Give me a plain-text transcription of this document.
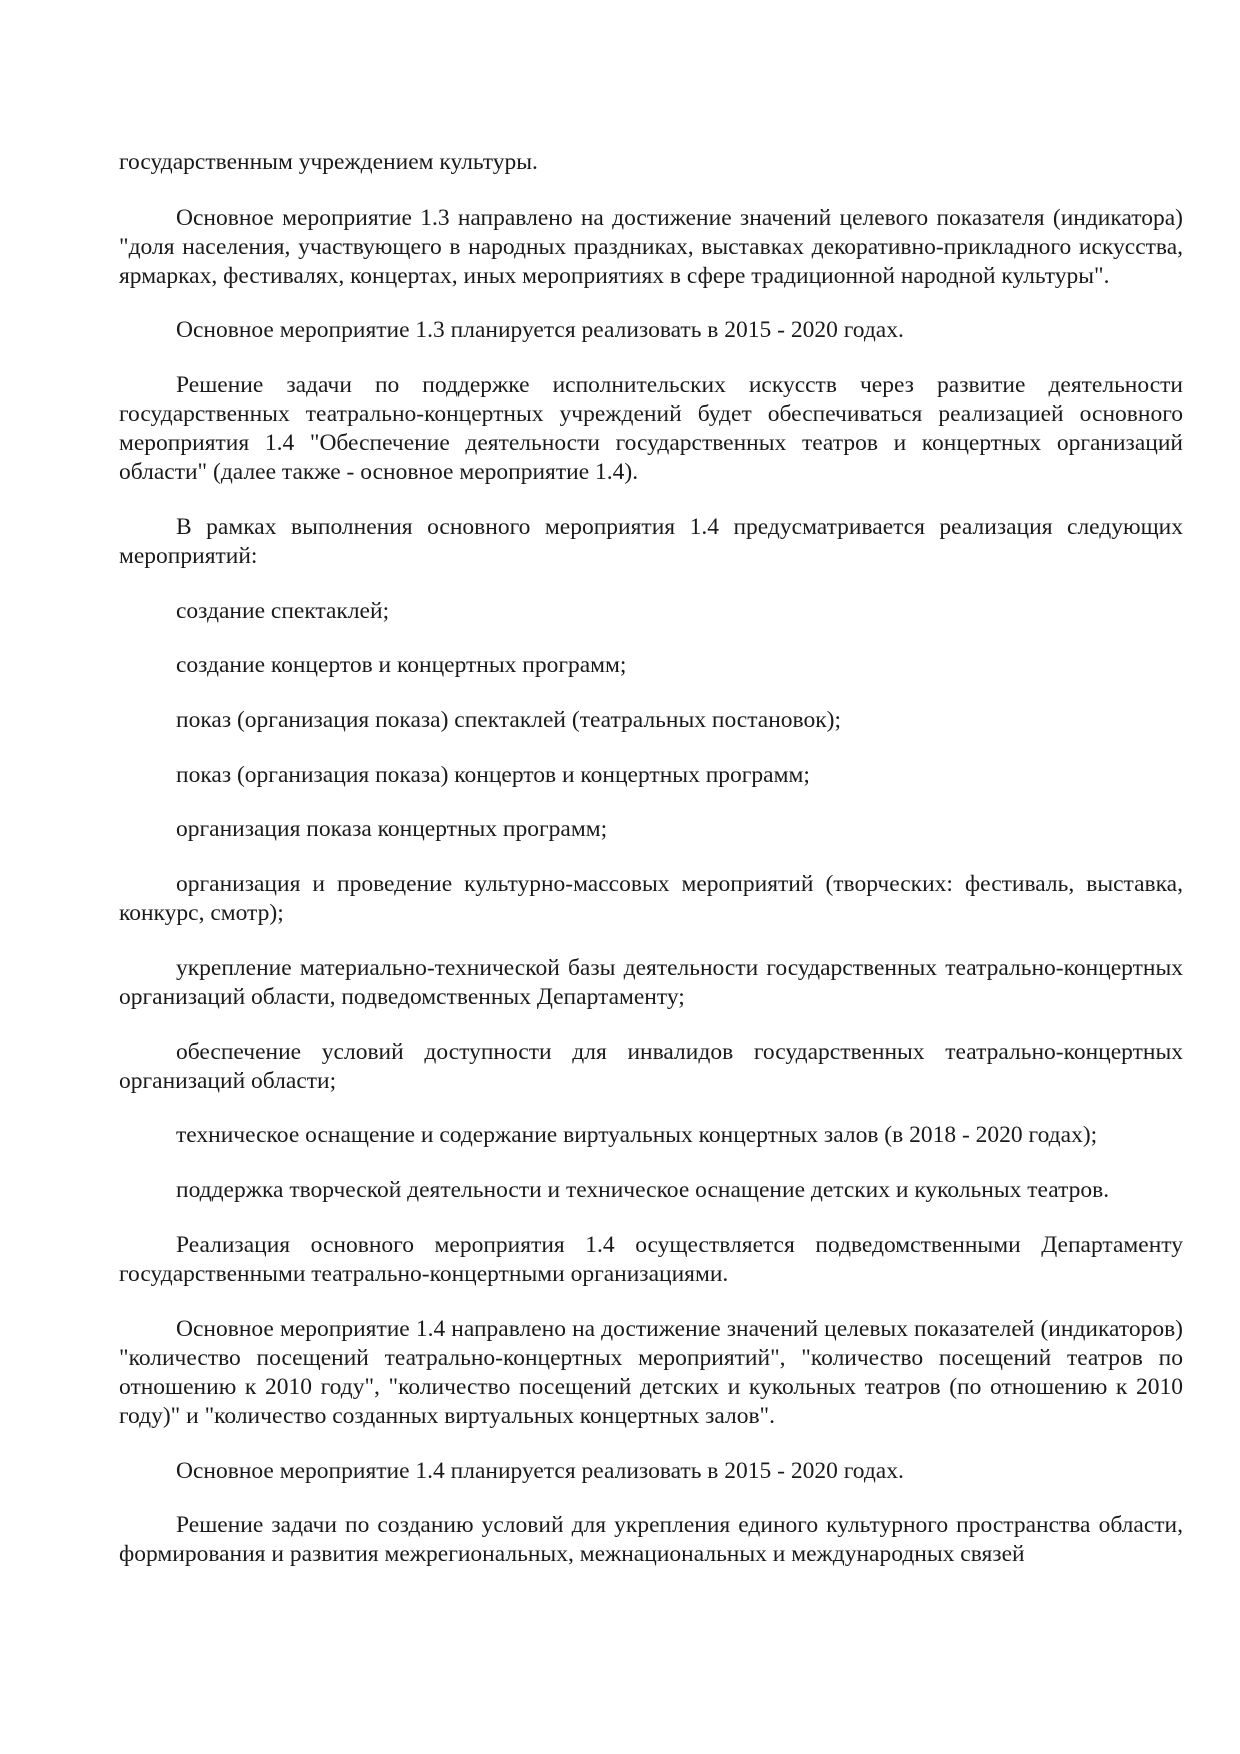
государственным учреждением культуры.

Основное мероприятие 1.3 направлено на достижение значений целевого показателя (индикатора) "доля населения, участвующего в народных праздниках, выставках декоративно-прикладного искусства, ярмарках, фестивалях, концертах, иных мероприятиях в сфере традиционной народной культуры".

Основное мероприятие 1.3 планируется реализовать в 2015 - 2020 годах.

Решение задачи по поддержке исполнительских искусств через развитие деятельности государственных театрально-концертных учреждений будет обеспечиваться реализацией основного мероприятия 1.4 "Обеспечение деятельности государственных театров и концертных организаций области" (далее также - основное мероприятие 1.4).

В рамках выполнения основного мероприятия 1.4 предусматривается реализация следующих мероприятий:

создание спектаклей;

создание концертов и концертных программ;

показ (организация показа) спектаклей (театральных постановок);

показ (организация показа) концертов и концертных программ;

организация показа концертных программ;

организация и проведение культурно-массовых мероприятий (творческих: фестиваль, выставка, конкурс, смотр);

укрепление материально-технической базы деятельности государственных театрально-концертных организаций области, подведомственных Департаменту;

обеспечение условий доступности для инвалидов государственных театрально-концертных организаций области;

техническое оснащение и содержание виртуальных концертных залов (в 2018 - 2020 годах);

поддержка творческой деятельности и техническое оснащение детских и кукольных театров.

Реализация основного мероприятия 1.4 осуществляется подведомственными Департаменту государственными театрально-концертными организациями.

Основное мероприятие 1.4 направлено на достижение значений целевых показателей (индикаторов) "количество посещений театрально-концертных мероприятий", "количество посещений театров по отношению к 2010 году", "количество посещений детских и кукольных театров (по отношению к 2010 году)" и "количество созданных виртуальных концертных залов".

Основное мероприятие 1.4 планируется реализовать в 2015 - 2020 годах.

Решение задачи по созданию условий для укрепления единого культурного пространства области, формирования и развития межрегиональных, межнациональных и международных связей
